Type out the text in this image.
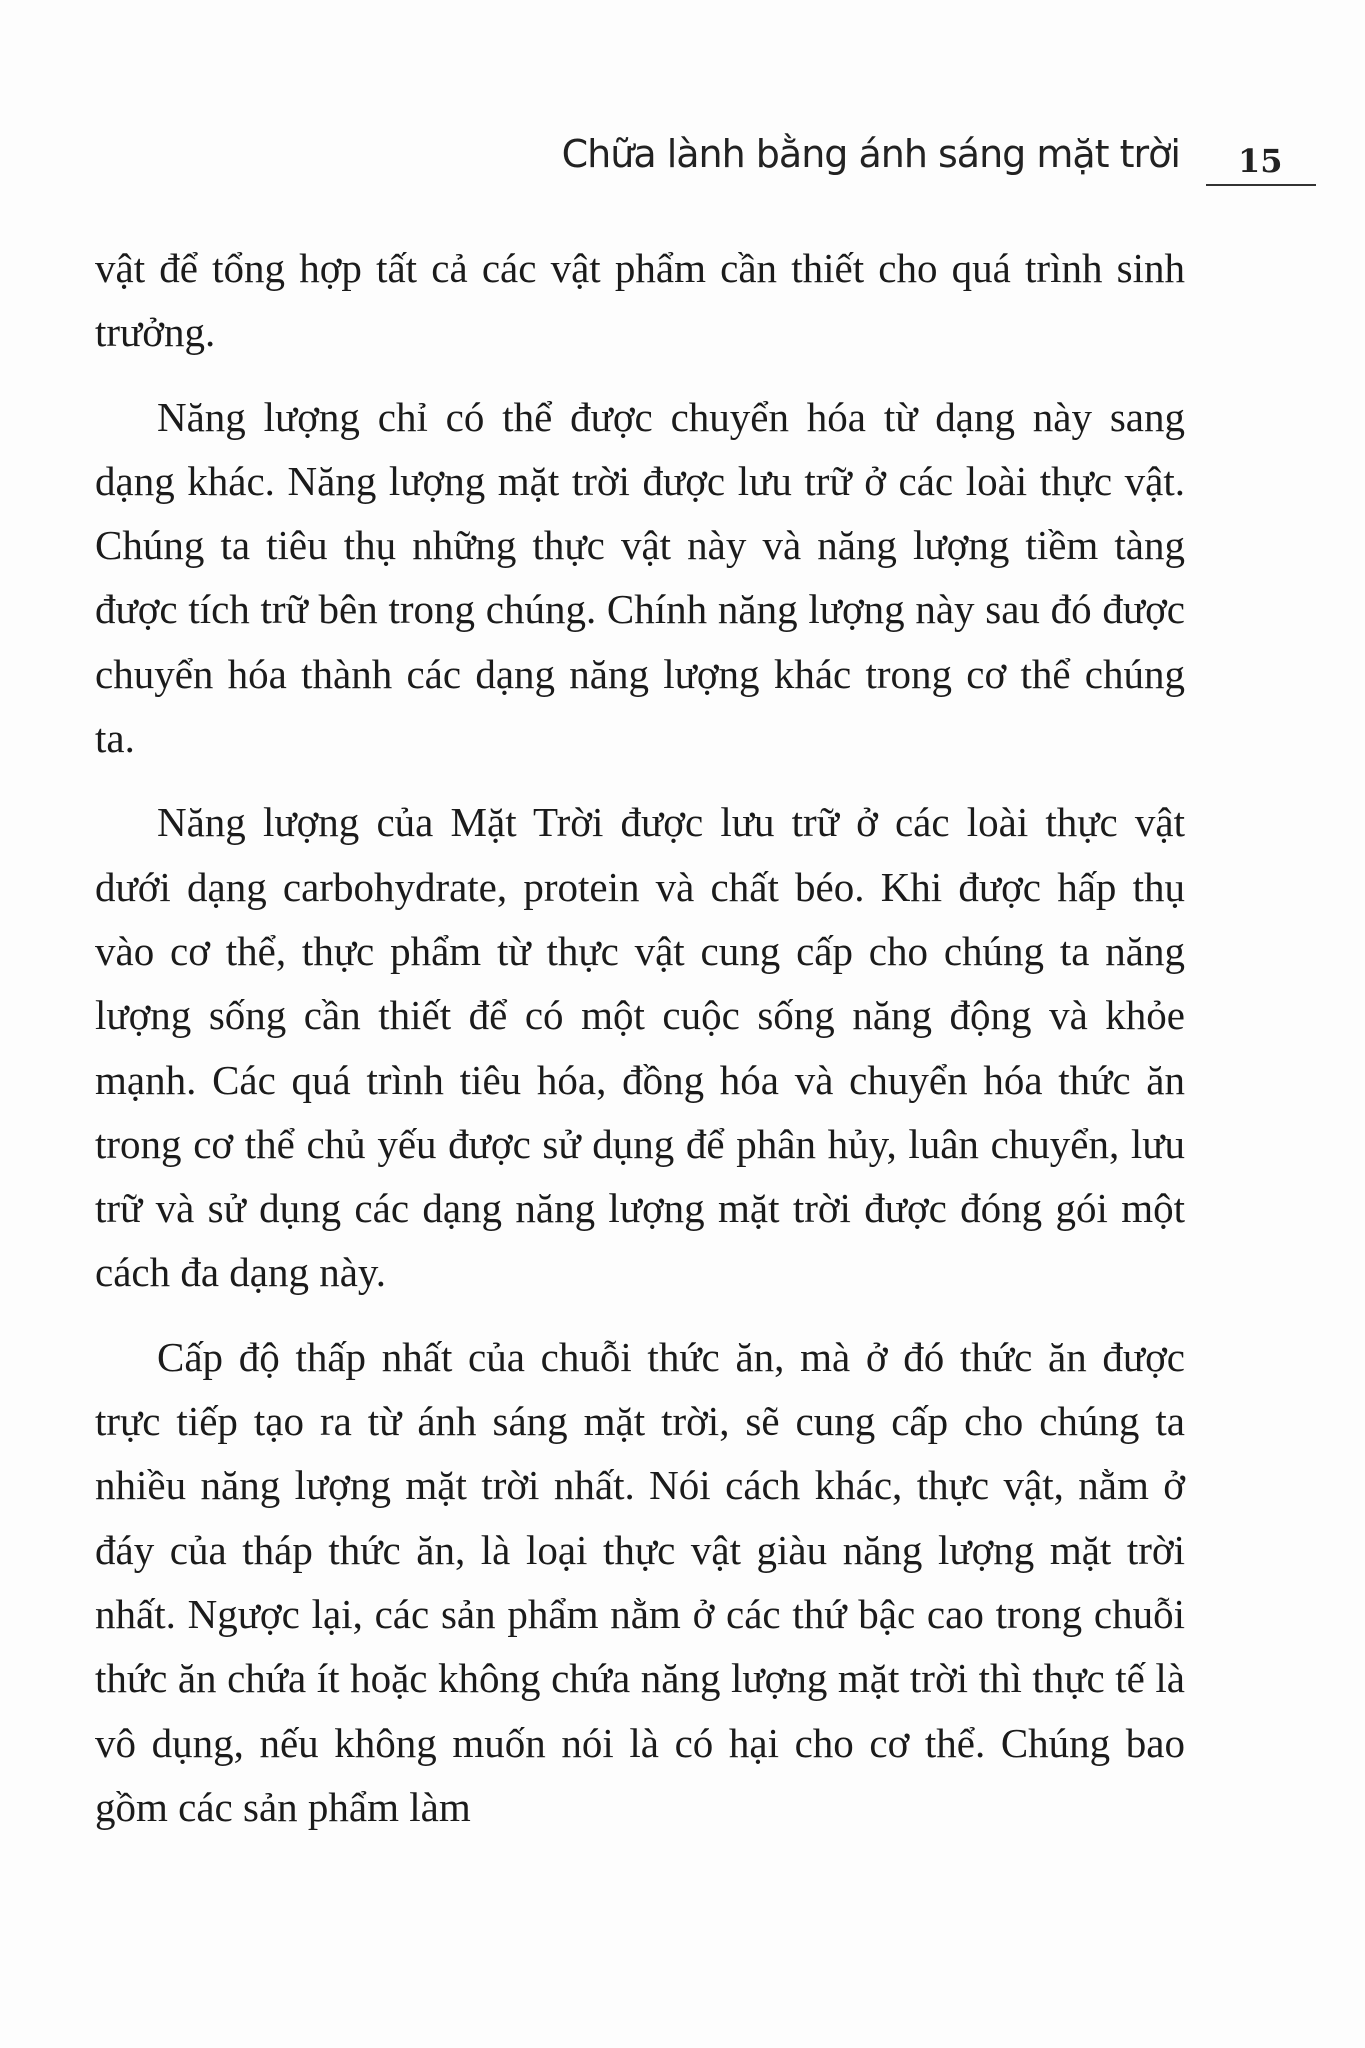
Chữa lành bằng ánh sáng mặt trời 15

vật để tổng hợp tất cả các vật phẩm cần thiết cho quá trình sinh trưởng.

Năng lượng chỉ có thể được chuyển hóa từ dạng này sang dạng khác. Năng lượng mặt trời được lưu trữ ở các loài thực vật. Chúng ta tiêu thụ những thực vật này và năng lượng tiềm tàng được tích trữ bên trong chúng. Chính năng lượng này sau đó được chuyển hóa thành các dạng năng lượng khác trong cơ thể chúng ta.

Năng lượng của Mặt Trời được lưu trữ ở các loài thực vật dưới dạng carbohydrate, protein và chất béo. Khi được hấp thụ vào cơ thể, thực phẩm từ thực vật cung cấp cho chúng ta năng lượng sống cần thiết để có một cuộc sống năng động và khỏe mạnh. Các quá trình tiêu hóa, đồng hóa và chuyển hóa thức ăn trong cơ thể chủ yếu được sử dụng để phân hủy, luân chuyển, lưu trữ và sử dụng các dạng năng lượng mặt trời được đóng gói một cách đa dạng này.

Cấp độ thấp nhất của chuỗi thức ăn, mà ở đó thức ăn được trực tiếp tạo ra từ ánh sáng mặt trời, sẽ cung cấp cho chúng ta nhiều năng lượng mặt trời nhất. Nói cách khác, thực vật, nằm ở đáy của tháp thức ăn, là loại thực vật giàu năng lượng mặt trời nhất. Ngược lại, các sản phẩm nằm ở các thứ bậc cao trong chuỗi thức ăn chứa ít hoặc không chứa năng lượng mặt trời thì thực tế là vô dụng, nếu không muốn nói là có hại cho cơ thể. Chúng bao gồm các sản phẩm làm
